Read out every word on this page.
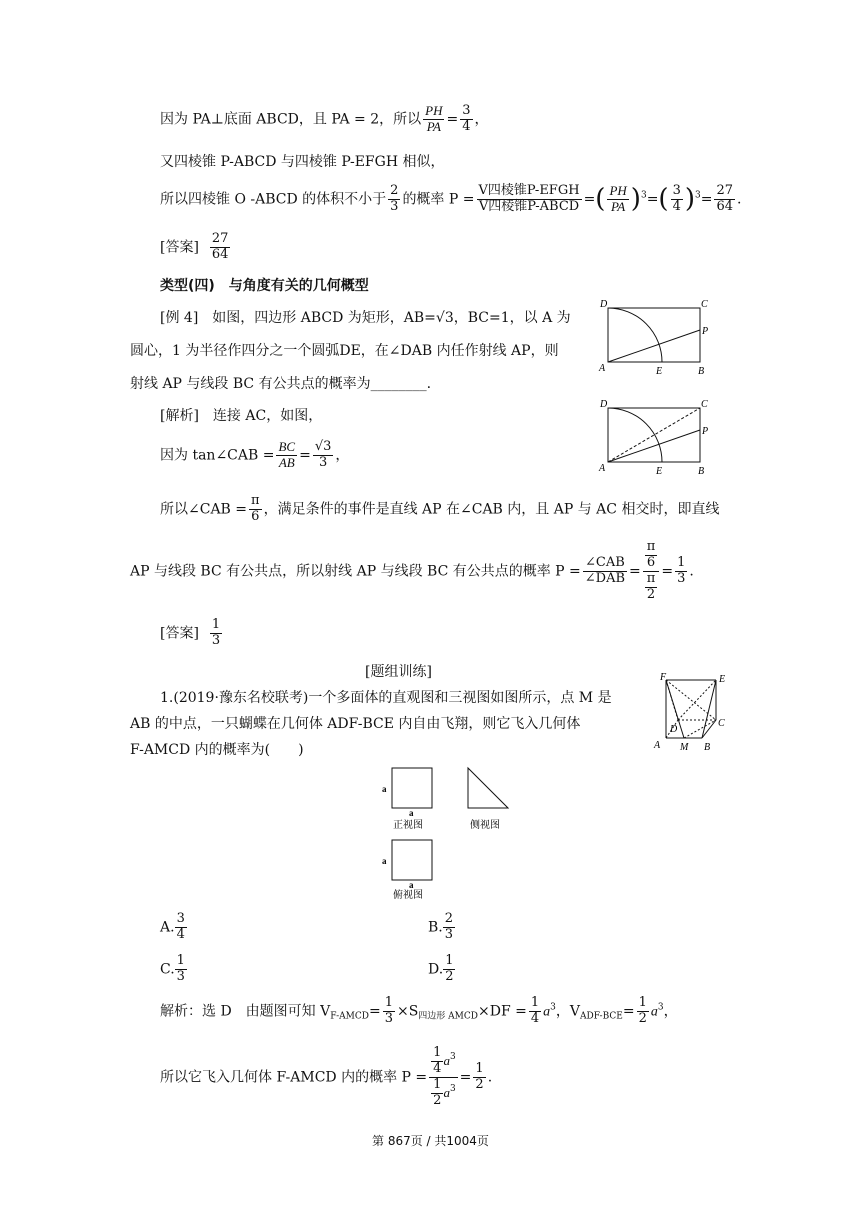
因为 PA⊥底面 ABCD，且 PA = 2，所以 $\frac{PH}{PA} = \frac{3}{4}$ ，
又四棱锥 P-ABCD 与四棱锥 P-EFGH 相似，
所以四棱锥 O -ABCD 的体积不小于 $\frac{2}{3}$ 的概率 $P = \frac{\text{V四棱锥P-EFGH}}{\text{V四棱锥P-ABCD}}$ =( $\frac{PH}{PA} )^3=( \frac{3}{4} )^3= \frac{27}{64}$ .
[答案] $\frac{27}{64}$
类型(四)　与角度有关的几何概型
[例 4]　如图，四边形 ABCD 为矩形，AB=√3，BC=1，以 A 为
圆心，1 为半径作四分之一个圆弧DE，在∠DAB 内任作射线 AP，则
射线 AP 与线段 BC 有公共点的概率为________.
D	C
P
A	E	B
[解析]　连接 AC，如图，
因为 tan∠CAB = $\frac{BC}{AB} = \frac{√3}{3}$ ，
D	C
P
A	E	B
所以∠CAB = $\frac{\pi}{6}$ ，满足条件的事件是直线 AP 在∠CAB 内，且 AP 与 AC 相交时，即直线
AP 与线段 BC 有公共点，所以射线 AP 与线段 BC 有公共点的概率 $P = \frac{\text{∠CAB}}{\text{∠DAB}} = \frac{\frac{\pi}{6}}{\frac{\pi}{2}} = \frac{1}{3}$ .
[答案] $\frac{1}{3}$
[题组训练]
1.(2019·豫东名校联考)一个多面体的直观图和三视图如图所示，点 M 是
AB 的中点，一只蝴蝶在几何体 ADF-BCE 内自由飞翔，则它飞入几何体
F-AMCD 内的概率为(　　)
F	E
C
D
A M B
a
a
正视图	侧视图
a
a
俯视图
A. $\frac{3}{4}$	B. $\frac{2}{3}$
C. $\frac{1}{3}$	D. $\frac{1}{2}$
解析：选 D　由题图可知 $V_{F-AMCD}= \frac{1}{3} \times S_{四边形 AMCD}\times DF = \frac{1}{4} a^3$，$V_{ADF-BCE}= \frac{1}{2} a^3$，
所以它飞入几何体 F-AMCD 内的概率 $P = \frac{\frac{1}{4} a^3}{\frac{1}{2} a^3} = \frac{1}{2}$ .
第 867页 / 共1004页
